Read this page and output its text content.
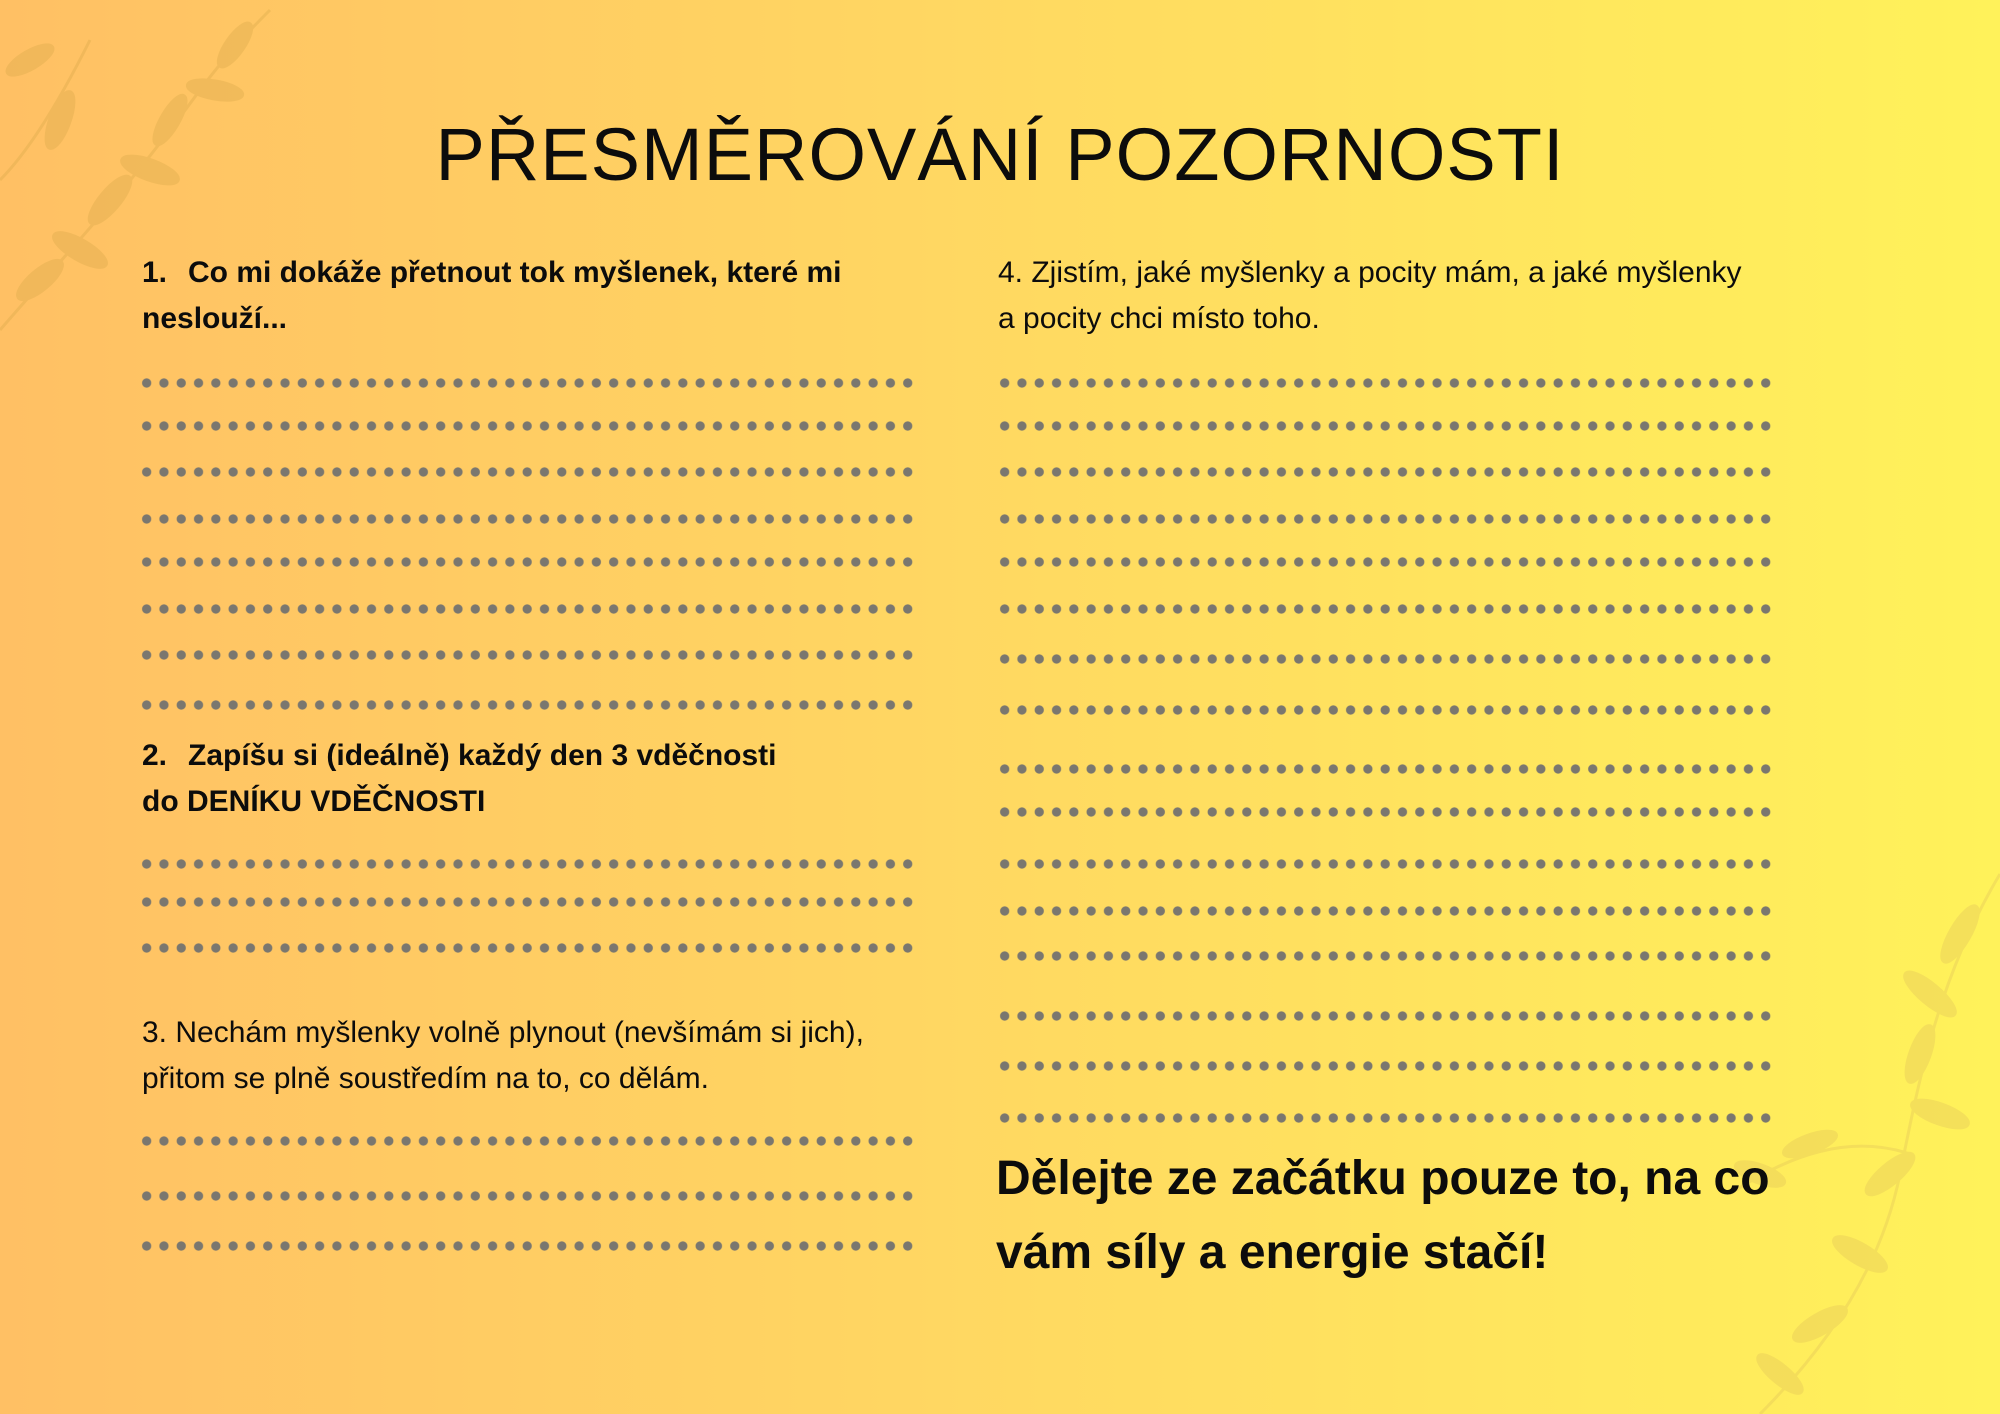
PŘESMĚROVÁNÍ POZORNOSTI
1. Co mi dokáže přetnout tok myšlenek, které mi
neslouží...
2. Zapíšu si (ideálně) každý den 3 vděčnosti
do DENÍKU VDĚČNOSTI
3. Nechám myšlenky volně plynout (nevšímám si jich),
přitom se plně soustředím na to, co dělám.
4. Zjistím, jaké myšlenky a pocity mám, a jaké myšlenky
a pocity chci místo toho.
Dělejte ze začátku pouze to, na co
vám síly a energie stačí!
